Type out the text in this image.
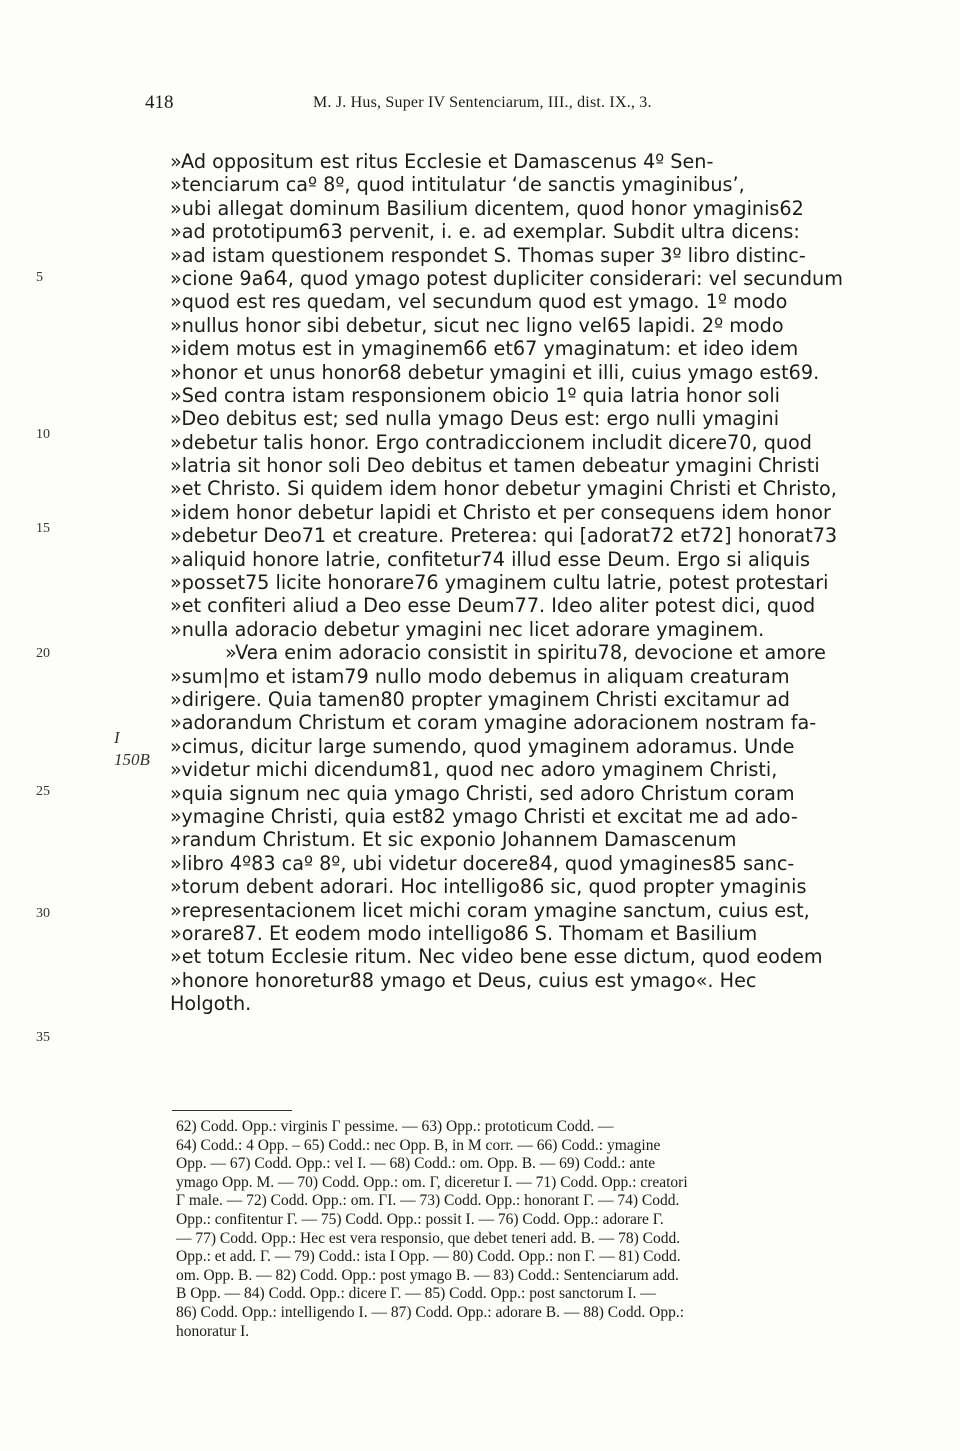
418	M. J. Hus, Super IV Sentenciarum, III., dist. IX., 3.
5
10
15
20
25
30
35
I
150B
»Ad oppositum est ritus Ecclesie et Damascenus 4º Sen-
»tenciarum caº 8º, quod intitulatur ‘de sanctis ymaginibus’,
»ubi allegat dominum Basilium dicentem, quod honor ymaginis62
»ad prototipum63 pervenit, i. e. ad exemplar. Subdit ultra dicens:
»ad istam questionem respondet S. Thomas super 3º libro distinc-
»cione 9a64, quod ymago potest dupliciter considerari: vel secundum
»quod est res quedam, vel secundum quod est ymago. 1º modo
»nullus honor sibi debetur, sicut nec ligno vel65 lapidi. 2º modo
»idem motus est in ymaginem66 et67 ymaginatum: et ideo idem
»honor et unus honor68 debetur ymagini et illi, cuius ymago est69.
»Sed contra istam responsionem obicio 1º quia latria honor soli
»Deo debitus est; sed nulla ymago Deus est: ergo nulli ymagini
»debetur talis honor. Ergo contradiccionem includit dicere70, quod
»latria sit honor soli Deo debitus et tamen debeatur ymagini Christi
»et Christo. Si quidem idem honor debetur ymagini Christi et Christo,
»idem honor debetur lapidi et Christo et per consequens idem honor
»debetur Deo71 et creature. Preterea: qui [adorat72 et72] honorat73
»aliquid honore latrie, confitetur74 illud esse Deum. Ergo si aliquis
»posset75 licite honorare76 ymaginem cultu latrie, potest protestari
»et confiteri aliud a Deo esse Deum77. Ideo aliter potest dici, quod
»nulla adoracio debetur ymagini nec licet adorare ymaginem.
»Vera enim adoracio consistit in spiritu78, devocione et amore
»sum|mo et istam79 nullo modo debemus in aliquam creaturam
»dirigere. Quia tamen80 propter ymaginem Christi excitamur ad
»adorandum Christum et coram ymagine adoracionem nostram fa-
»cimus, dicitur large sumendo, quod ymaginem adoramus. Unde
»videtur michi dicendum81, quod nec adoro ymaginem Christi,
»quia signum nec quia ymago Christi, sed adoro Christum coram
»ymagine Christi, quia est82 ymago Christi et excitat me ad ado-
»randum Christum. Et sic exponio Johannem Damascenum
»libro 4º83 caº 8º, ubi videtur docere84, quod ymagines85 sanc-
»torum debent adorari. Hoc intelligo86 sic, quod propter ymaginis
»representacionem licet michi coram ymagine sanctum, cuius est,
»orare87. Et eodem modo intelligo86 S. Thomam et Basilium
»et totum Ecclesie ritum. Nec video bene esse dictum, quod eodem
»honore honoretur88 ymago et Deus, cuius est ymago«. Hec
Holgoth.
62) Codd. Opp.: virginis Γ pessime. — 63) Opp.: prototicum Codd. —
64) Codd.: 4 Opp. – 65) Codd.: nec Opp. B, in M corr. — 66) Codd.: ymagine
Opp. — 67) Codd. Opp.: vel I. — 68) Codd.: om. Opp. B. — 69) Codd.: ante
ymago Opp. M. — 70) Codd. Opp.: om. Γ, diceretur I. — 71) Codd. Opp.: creatori
Γ male. — 72) Codd. Opp.: om. ΓI. — 73) Codd. Opp.: honorant Γ. — 74) Codd.
Opp.: confitentur Γ. — 75) Codd. Opp.: possit I. — 76) Codd. Opp.: adorare Γ.
— 77) Codd. Opp.: Hec est vera responsio, que debet teneri add. B. — 78) Codd.
Opp.: et add. Γ. — 79) Codd.: ista I Opp. — 80) Codd. Opp.: non Γ. — 81) Codd.
om. Opp. B. — 82) Codd. Opp.: post ymago B. — 83) Codd.: Sentenciarum add.
B Opp. — 84) Codd. Opp.: dicere Γ. — 85) Codd. Opp.: post sanctorum I. —
86) Codd. Opp.: intelligendo I. — 87) Codd. Opp.: adorare B. — 88) Codd. Opp.:
honoratur I.
